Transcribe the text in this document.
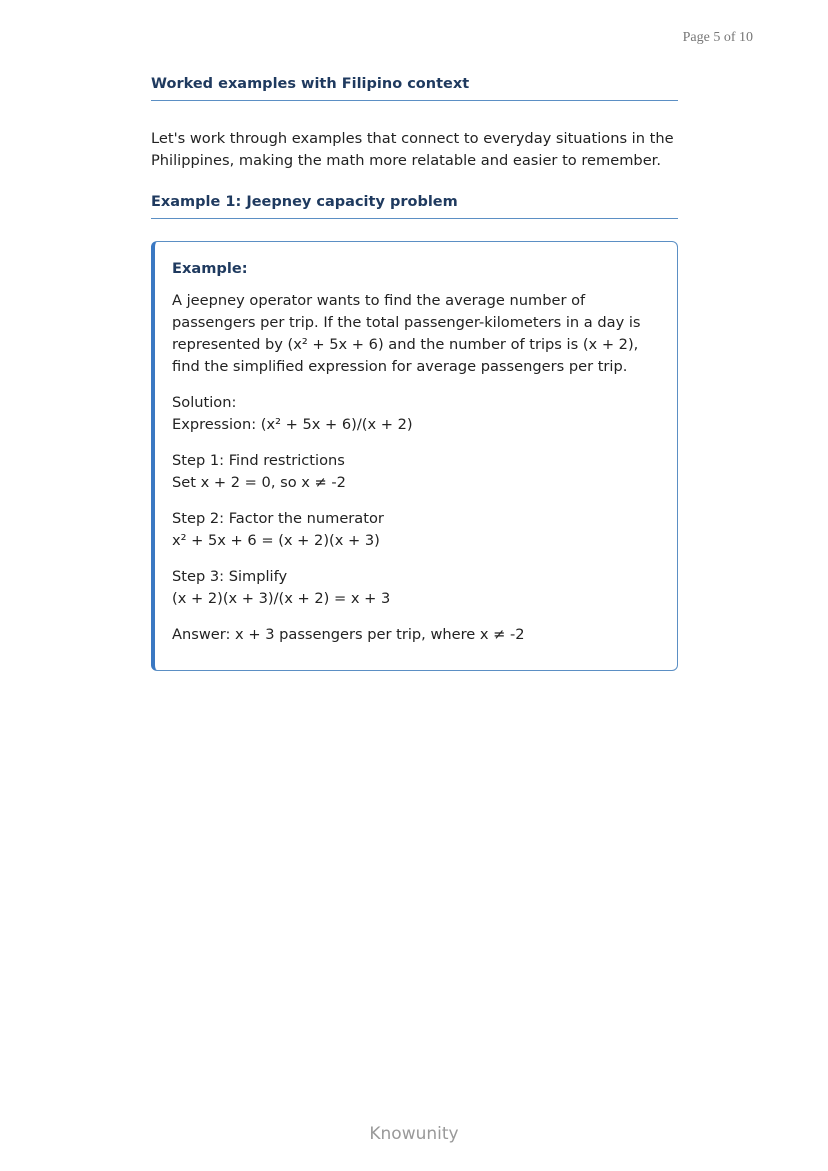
Page 5 of 10
Worked examples with Filipino context

Let's work through examples that connect to everyday situations in the Philippines, making the math more relatable and easier to remember.

Example 1: Jeepney capacity problem
Example:

A jeepney operator wants to find the average number of passengers per trip. If the total passenger-kilometers in a day is represented by (x² + 5x + 6) and the number of trips is (x + 2), find the simplified expression for average passengers per trip.

Solution:
Expression: (x² + 5x + 6)/(x + 2)

Step 1: Find restrictions
Set x + 2 = 0, so x ≠ -2

Step 2: Factor the numerator
x² + 5x + 6 = (x + 2)(x + 3)

Step 3: Simplify
(x + 2)(x + 3)/(x + 2) = x + 3

Answer: x + 3 passengers per trip, where x ≠ -2

Knowunity
